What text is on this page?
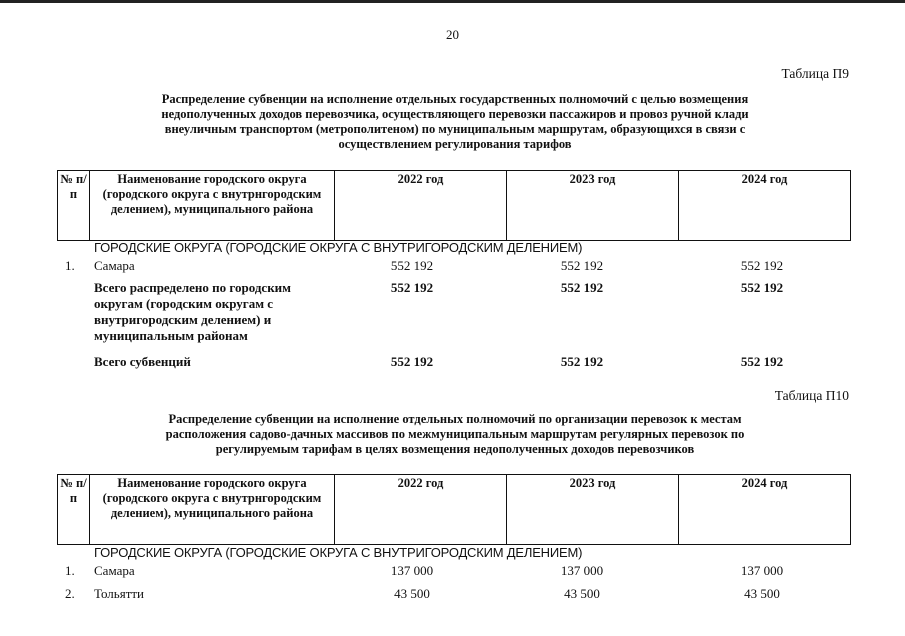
20
Таблица П9
Распределение субвенции на исполнение отдельных государственных полномочий с целью возмещения
недополученных доходов перевозчика, осуществляющего перевозки пассажиров и провоз ручной клади
внеуличным транспортом (метрополитеном) по муниципальным маршрутам, образующихся в связи с
осуществлением регулирования тарифов
№ п/п	Наименование городского округа (городского округа с внутрнгородским делением), муниципального района	2022 год	2023 год	2024 год
ГОРОДСКИЕ ОКРУГА (ГОРОДСКИЕ ОКРУГА С ВНУТРИГОРОДСКИМ ДЕЛЕНИЕМ)
1. Самара	552 192	552 192	552 192
Всего распределено по городским округам (городским округам с внутригородским делением) и муниципальным районам
552 192	552 192	552 192
Всего субвенций	552 192	552 192	552 192
Таблица П10
Распределение субвенции на исполнение отдельных полномочий по организации перевозок к местам
расположения садово-дачных массивов по межмуниципальным маршрутам регулярных перевозок по
регулируемым тарифам в целях возмещения недополученных доходов перевозчиков
№ п/п	Наименование городского округа (городского округа с внутрнгородским делением), муниципального района	2022 год	2023 год	2024 год
ГОРОДСКИЕ ОКРУГА (ГОРОДСКИЕ ОКРУГА С ВНУТРИГОРОДСКИМ ДЕЛЕНИЕМ)
1. Самара	137 000	137 000	137 000
2. Тольятти	43 500	43 500	43 500
